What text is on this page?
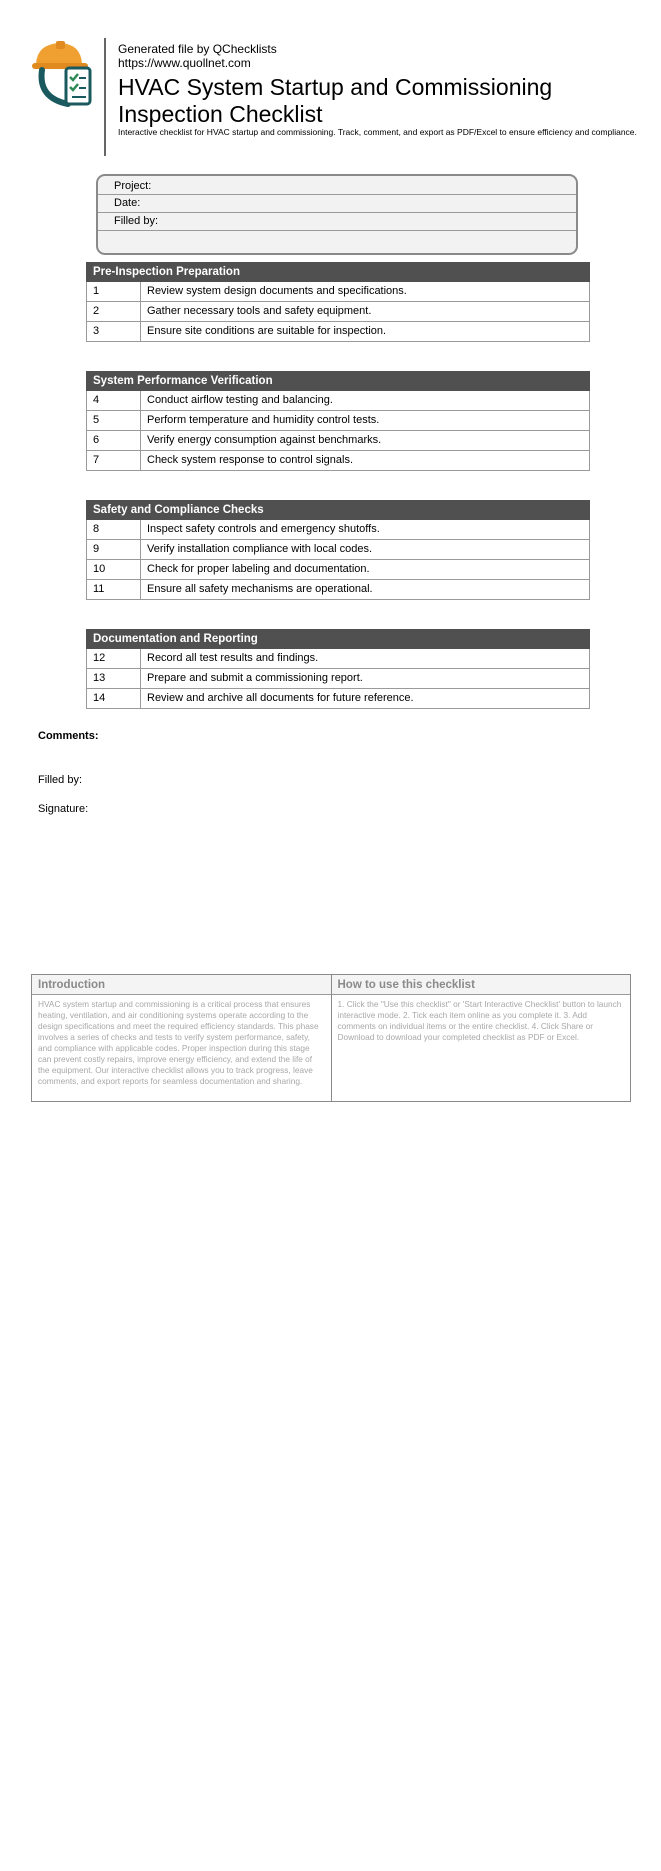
Generated file by QChecklists
https://www.quollnet.com
HVAC System Startup and Commissioning Inspection Checklist
Interactive checklist for HVAC startup and commissioning. Track, comment, and export as PDF/Excel to ensure efficiency and compliance.
Project:
Date:
Filled by:
Pre-Inspection Preparation
1	Review system design documents and specifications.
2	Gather necessary tools and safety equipment.
3	Ensure site conditions are suitable for inspection.
System Performance Verification
4	Conduct airflow testing and balancing.
5	Perform temperature and humidity control tests.
6	Verify energy consumption against benchmarks.
7	Check system response to control signals.
Safety and Compliance Checks
8	Inspect safety controls and emergency shutoffs.
9	Verify installation compliance with local codes.
10	Check for proper labeling and documentation.
11	Ensure all safety mechanisms are operational.
Documentation and Reporting
12	Record all test results and findings.
13	Prepare and submit a commissioning report.
14	Review and archive all documents for future reference.
Comments:
Filled by:
Signature:
Introduction
HVAC system startup and commissioning is a critical process that ensures heating, ventilation, and air conditioning systems operate according to the design specifications and meet the required efficiency standards. This phase involves a series of checks and tests to verify system performance, safety, and compliance with applicable codes. Proper inspection during this stage can prevent costly repairs, improve energy efficiency, and extend the life of the equipment. Our interactive checklist allows you to track progress, leave comments, and export reports for seamless documentation and sharing.
How to use this checklist
1. Click the "Use this checklist" or 'Start Interactive Checklist' button to launch interactive mode. 2. Tick each item online as you complete it. 3. Add comments on individual items or the entire checklist. 4. Click Share or Download to download your completed checklist as PDF or Excel.
